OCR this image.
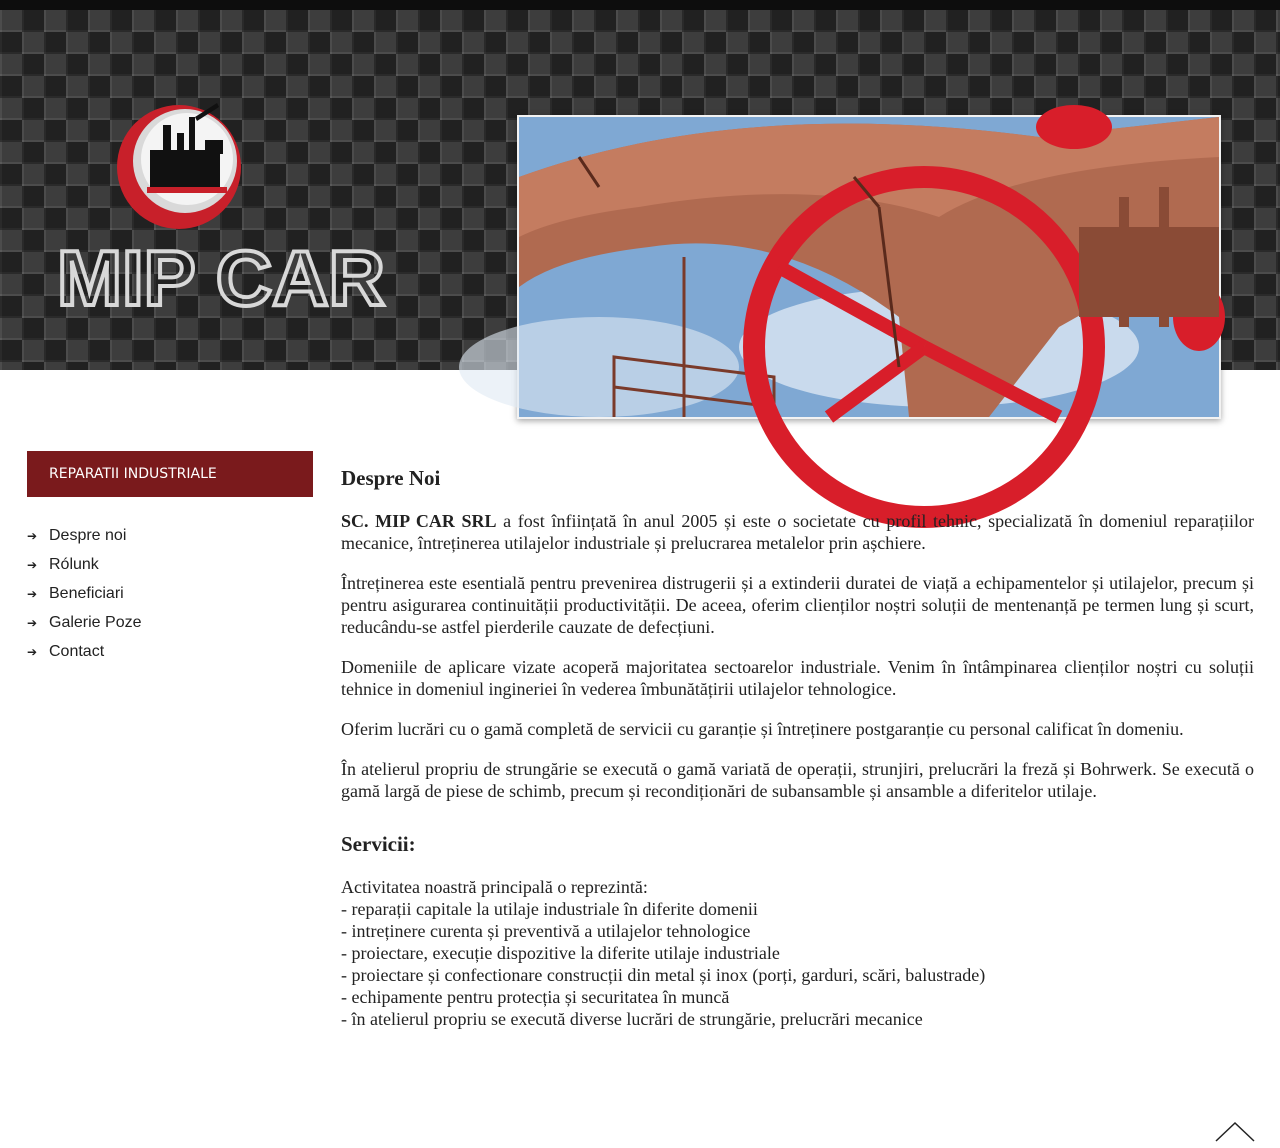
MIP CAR
REPARATII INDUSTRIALE
➔ Despre noi
➔ Rólunk
➔ Beneficiari
➔ Galerie Poze
➔ Contact
Despre Noi

SC. MIP CAR SRL a fost înființată în anul 2005 și este o societate cu profil tehnic, specializată în domeniul reparațiilor mecanice, întreținerea utilajelor industriale și prelucrarea metalelor prin așchiere.

Întreținerea este esentială pentru prevenirea distrugerii și a extinderii duratei de viață a echipamentelor și utilajelor, precum și pentru asigurarea continuității productivității. De aceea, oferim clienților noștri soluții de mentenanță pe termen lung și scurt, reducându-se astfel pierderile cauzate de defecțiuni.

Domeniile de aplicare vizate acoperă majoritatea sectoarelor industriale. Venim în întâmpinarea clienților noștri cu soluții tehnice in domeniul ingineriei în vederea îmbunătățirii utilajelor tehnologice.

Oferim lucrări cu o gamă completă de servicii cu garanție și întreținere postgaranție cu personal calificat în domeniu.

În atelierul propriu de strungărie se execută o gamă variată de operații, strunjiri, prelucrări la freză și Bohrwerk. Se execută o gamă largă de piese de schimb, precum și recondiționări de subansamble și ansamble a diferitelor utilaje.

Servicii:
Activitatea noastră principală o reprezintă:
- reparații capitale la utilaje industriale în diferite domenii
- intreținere curenta și preventivă a utilajelor tehnologice
- proiectare, execuție dispozitive la diferite utilaje industriale
- proiectare și confectionare construcții din metal și inox (porți, garduri, scări, balustrade)
- echipamente pentru protecția și securitatea în muncă
- în atelierul propriu se execută diverse lucrări de strungărie, prelucrări mecanice
